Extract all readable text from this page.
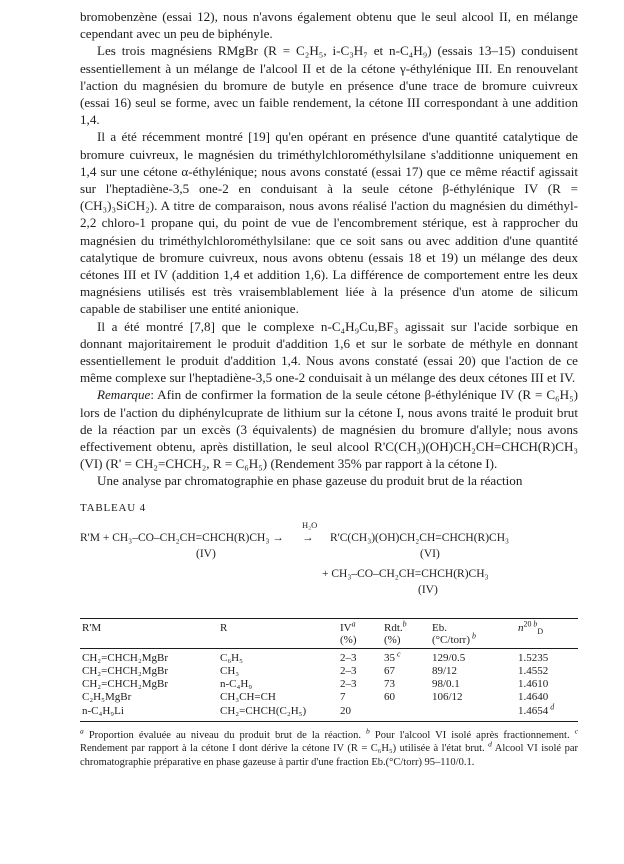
bromobenzène (essai 12), nous n'avons également obtenu que le seul alcool II, en mélange cependant avec un peu de biphényle.

Les trois magnésiens RMgBr (R = C₂H₅, i-C₃H₇ et n-C₄H₉) (essais 13–15) conduisent essentiellement à un mélange de l'alcool II et de la cétone γ-éthylénique III. En renouvelant l'action du magnésien du bromure de butyle en présence d'une trace de bromure cuivreux (essai 16) seul se forme, avec un faible rendement, la cétone III correspondant à une addition 1,4.

Il a été récemment montré [19] qu'en opérant en présence d'une quantité catalytique de bromure cuivreux, le magnésien du triméthylchlorométhylsilane s'additionne uniquement en 1,4 sur une cétone α-éthylénique; nous avons constaté (essai 17) que ce même réactif agissait sur l'heptadiène-3,5 one-2 en conduisant à la seule cétone β-éthylénique IV (R = (CH₃)₃SiCH₂). A titre de comparaison, nous avons réalisé l'action du magnésien du diméthyl-2,2 chloro-1 propane qui, du point de vue de l'encombrement stérique, est à rapprocher du magnésien du triméthylchlorométhylsilane: que ce soit sans ou avec addition d'une quantité catalytique de bromure cuivreux, nous avons obtenu (essais 18 et 19) un mélange des deux cétones III et IV (addition 1,4 et addition 1,6). La différence de comportement entre les deux magnésiens utilisés est très vraisemblablement liée à la présence d'un atome de silicum capable de stabiliser une entité anionique.

Il a été montré [7,8] que le complexe n-C₄H₉Cu,BF₃ agissait sur l'acide sorbique en donnant majoritairement le produit d'addition 1,6 et sur le sorbate de méthyle en donnant essentiellement le produit d'addition 1,4. Nous avons constaté (essai 20) que l'action de ce même complexe sur l'heptadiène-3,5 one-2 conduisait à un mélange des deux cétones III et IV.

Remarque: Afin de confirmer la formation de la seule cétone β-éthylénique IV (R = C₆H₅) lors de l'action du diphénylcuprate de lithium sur la cétone I, nous avons traité le produit brut de la réaction par un excès (3 équivalents) de magnésien du bromure d'allyle; nous avons effectivement obtenu, après distillation, le seul alcool R'C(CH₃)(OH)CH₂CH=CHCH(R)CH₃ (VI) (R' = CH₂=CHCH₂, R = C₆H₅) (Rendement 35% par rapport à la cétone I).

Une analyse par chromatographie en phase gazeuse du produit brut de la réaction

TABLEAU 4
R'M + CH₃–CO–CH₂CH=CHCH(R)CH₃ →
H₂O
→
(IV)
R'C(CH₃)(OH)CH₂CH=CHCH(R)CH₃
(VI)
+ CH₃–CO–CH₂CH=CHCH(R)CH₃
(IV)
R'M	R	$IV^a$	Rdt.$^b$	Eb.	$n^{20 b}_D$
		(%)	(%)	(°C/torr) $^b$	
CH₂=CHCH₂MgBr	C₆H₅	2–3	35 $^c$	129/0.5	1.5235
CH₂=CHCH₂MgBr	CH₃	2–3	67	89/12	1.4552
CH₂=CHCH₂MgBr	n-C₄H₉	2–3	73	98/0.1	1.4610
C₂H₅MgBr	CH₃CH=CH	7	60	106/12	1.4640
n-C₄H₉Li	CH₂=CHCH(C₂H₅)	20			1.4654 $^d$
$^a$ Proportion évaluée au niveau du produit brut de la réaction. $^b$ Pour l'alcool VI isolé après fractionnement. $^c$ Rendement par rapport à la cétone I dont dérive la cétone IV (R = C₆H₅) utilisée à l'état brut. $^d$ Alcool VI isolé par chromatographie préparative en phase gazeuse à partir d'une fraction Eb.(°C/torr) 95–110/0.1.
